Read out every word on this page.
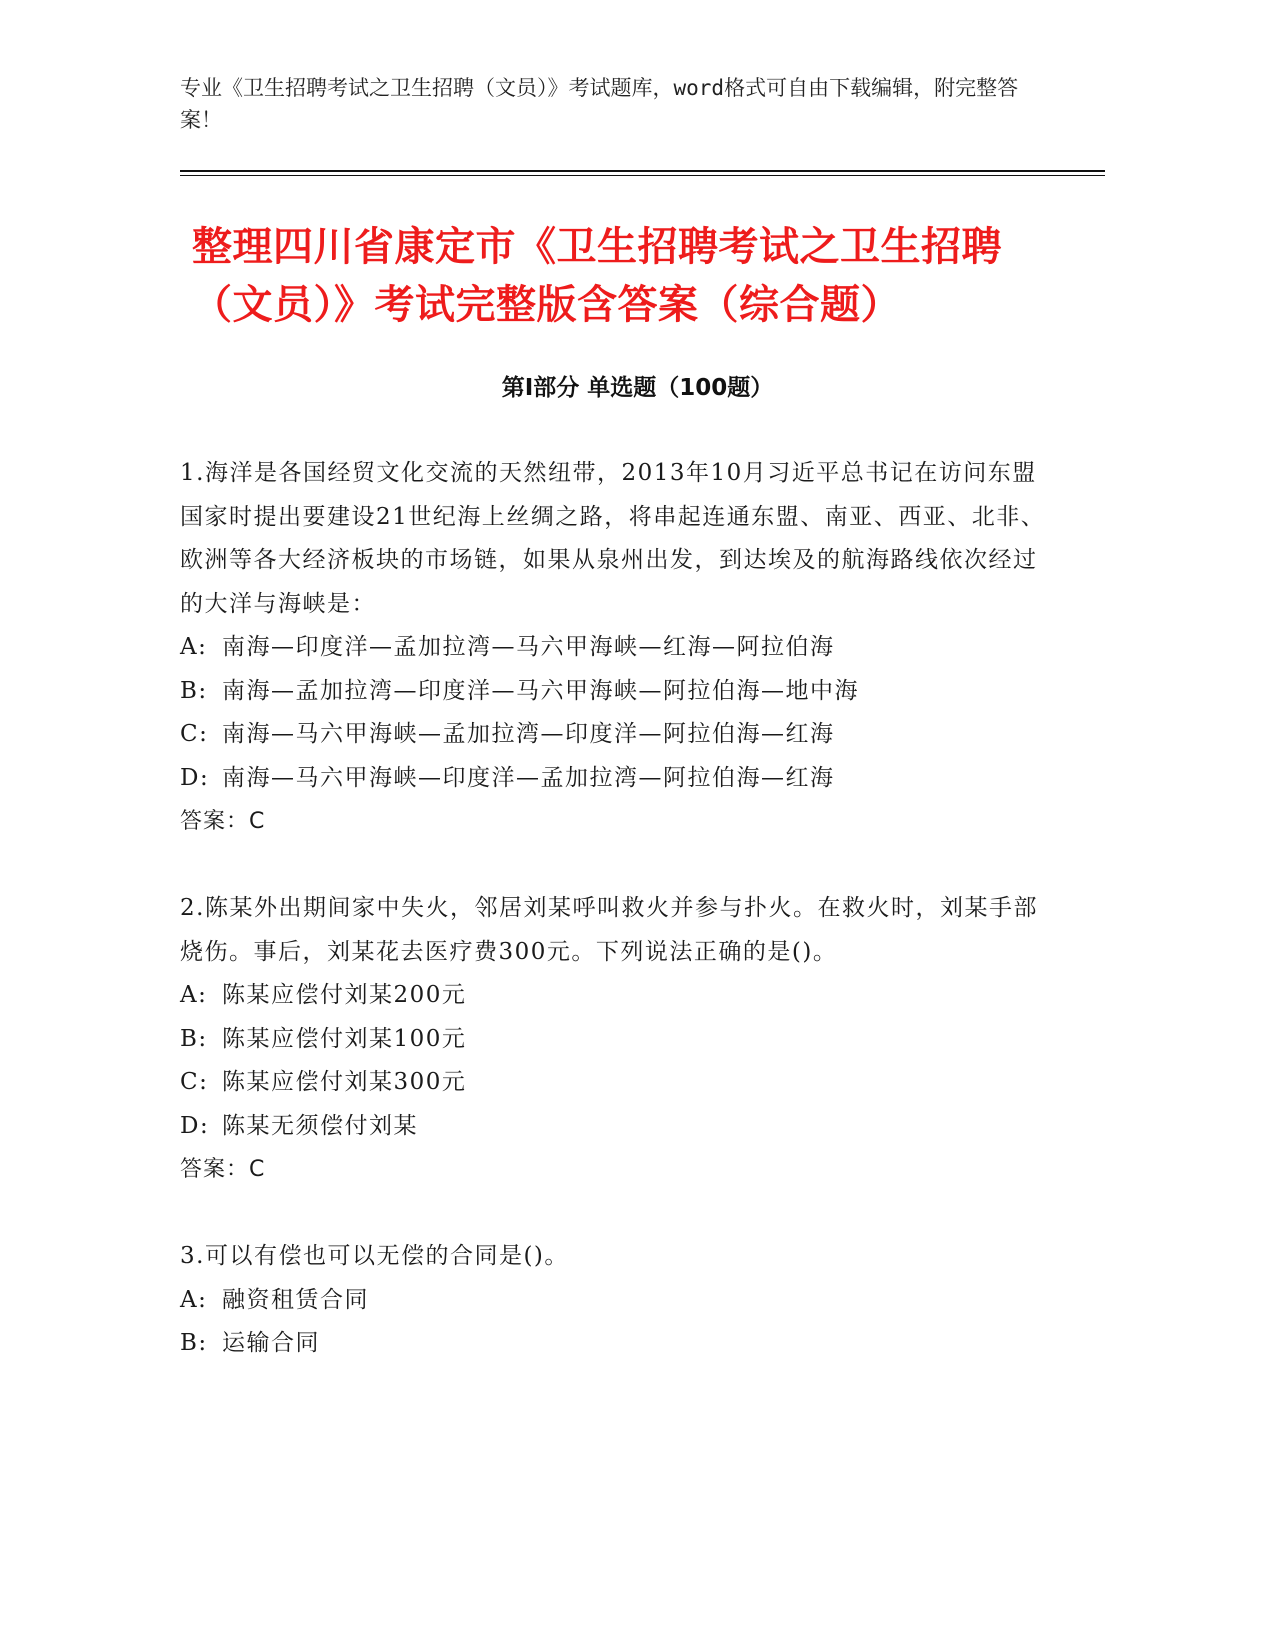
专业《卫生招聘考试之卫生招聘（文员）》考试题库，word格式可自由下载编辑，附完整答案！
整理四川省康定市《卫生招聘考试之卫生招聘（文员）》考试完整版含答案（综合题）
第Ⅰ部分 单选题（100题）
1.海洋是各国经贸文化交流的天然纽带，2013年10月习近平总书记在访问东盟国家时提出要建设21世纪海上丝绸之路，将串起连通东盟、南亚、西亚、北非、欧洲等各大经济板块的市场链，如果从泉州出发，到达埃及的航海路线依次经过的大洋与海峡是：
A: 南海—印度洋—孟加拉湾—马六甲海峡—红海—阿拉伯海
B: 南海—孟加拉湾—印度洋—马六甲海峡—阿拉伯海—地中海
C: 南海—马六甲海峡—孟加拉湾—印度洋—阿拉伯海—红海
D: 南海—马六甲海峡—印度洋—孟加拉湾—阿拉伯海—红海
答案：C
2.陈某外出期间家中失火，邻居刘某呼叫救火并参与扑火。在救火时，刘某手部烧伤。事后，刘某花去医疗费300元。下列说法正确的是()。
A: 陈某应偿付刘某200元
B: 陈某应偿付刘某100元
C: 陈某应偿付刘某300元
D: 陈某无须偿付刘某
答案：C
3.可以有偿也可以无偿的合同是()。
A: 融资租赁合同
B: 运输合同
